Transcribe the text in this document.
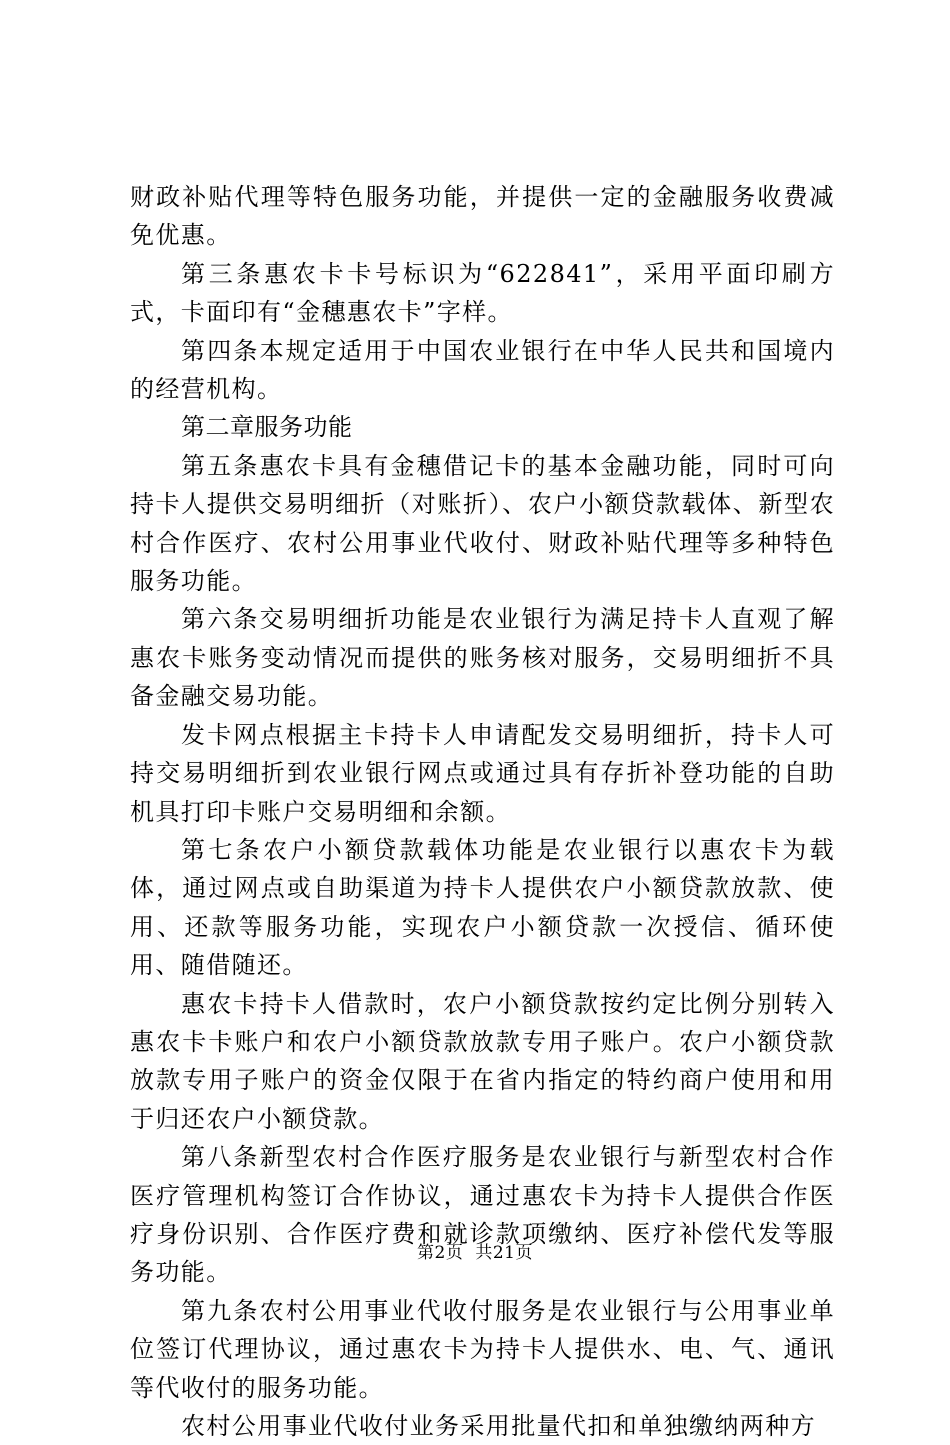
财政补贴代理等特色服务功能，并提供一定的金融服务收费减免优惠。

第三条惠农卡卡号标识为“622841”，采用平面印刷方式，卡面印有“金穗惠农卡”字样。

第四条本规定适用于中国农业银行在中华人民共和国境内的经营机构。

第二章服务功能

第五条惠农卡具有金穗借记卡的基本金融功能，同时可向持卡人提供交易明细折（对账折）、农户小额贷款载体、新型农村合作医疗、农村公用事业代收付、财政补贴代理等多种特色服务功能。

第六条交易明细折功能是农业银行为满足持卡人直观了解惠农卡账务变动情况而提供的账务核对服务，交易明细折不具备金融交易功能。

发卡网点根据主卡持卡人申请配发交易明细折，持卡人可持交易明细折到农业银行网点或通过具有存折补登功能的自助机具打印卡账户交易明细和余额。

第七条农户小额贷款载体功能是农业银行以惠农卡为载体，通过网点或自助渠道为持卡人提供农户小额贷款放款、使用、还款等服务功能，实现农户小额贷款一次授信、循环使用、随借随还。

惠农卡持卡人借款时，农户小额贷款按约定比例分别转入惠农卡卡账户和农户小额贷款放款专用子账户。农户小额贷款放款专用子账户的资金仅限于在省内指定的特约商户使用和用于归还农户小额贷款。

第八条新型农村合作医疗服务是农业银行与新型农村合作医疗管理机构签订合作协议，通过惠农卡为持卡人提供合作医疗身份识别、合作医疗费和就诊款项缴纳、医疗补偿代发等服务功能。

第九条农村公用事业代收付服务是农业银行与公用事业单位签订代理协议，通过惠农卡为持卡人提供水、电、气、通讯等代收付的服务功能。

农村公用事业代收付业务采用批量代扣和单独缴纳两种方

第2页 共21页
